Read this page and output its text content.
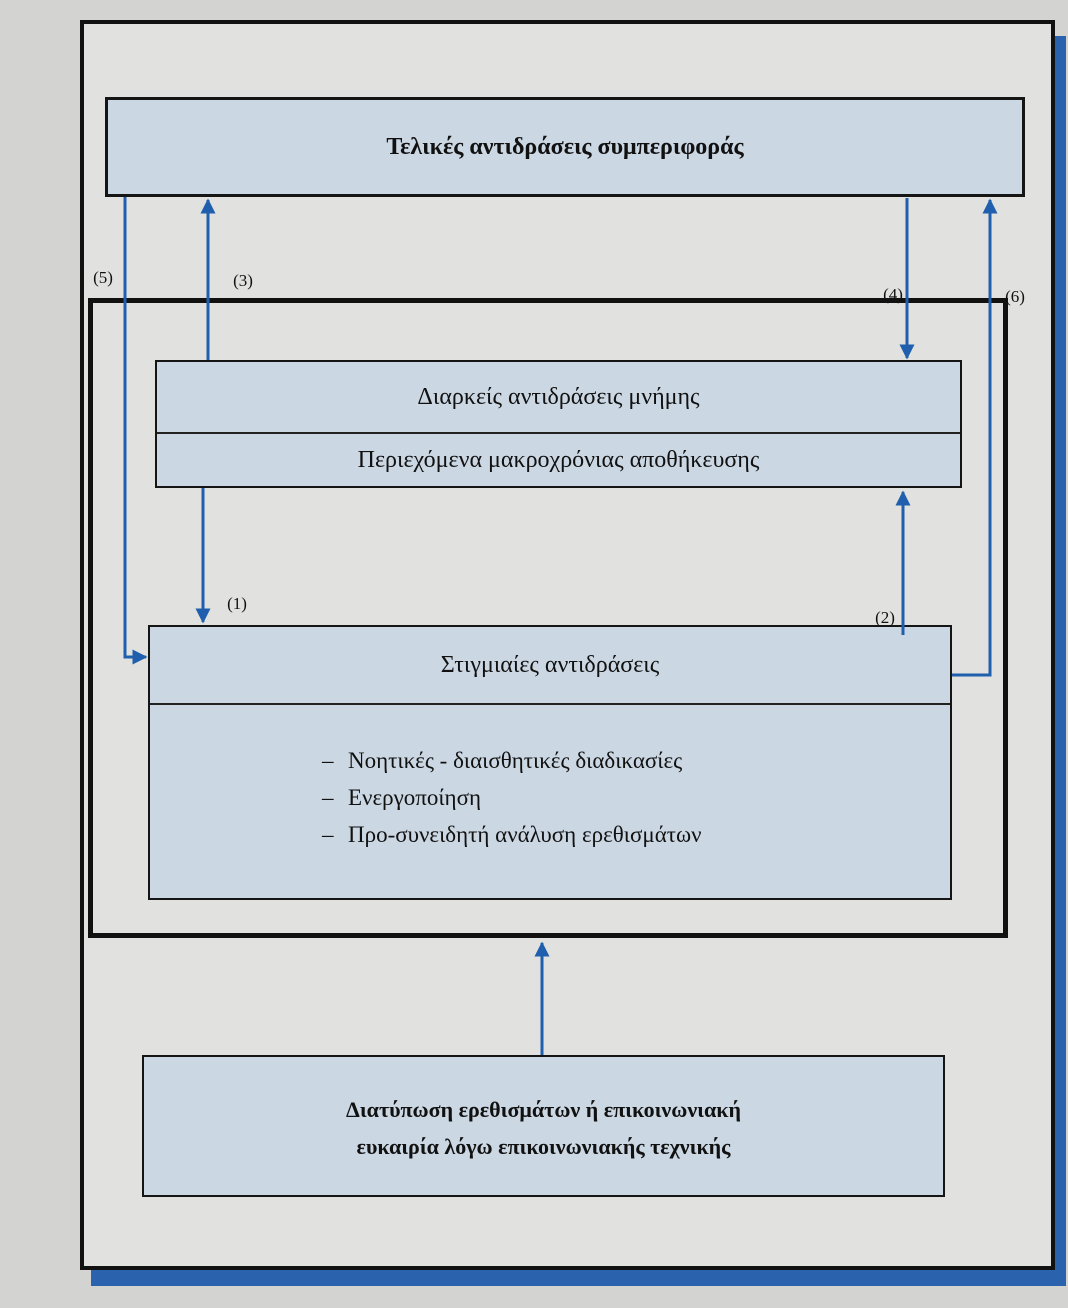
Τελικές αντιδράσεις συμπεριφοράς
Διαρκείς αντιδράσεις μνήμης
Περιεχόμενα μακροχρόνιας αποθήκευσης
Στιγμιαίες αντιδράσεις
– Νοητικές - διαισθητικές διαδικασίες
– Ενεργοποίηση
– Προ-συνειδητή ανάλυση ερεθισμάτων
Διατύπωση ερεθισμάτων ή επικοινωνιακή
ευκαιρία λόγω επικοινωνιακής τεχνικής
(1)
(2)
(3)
(4)
(5)
(6)
